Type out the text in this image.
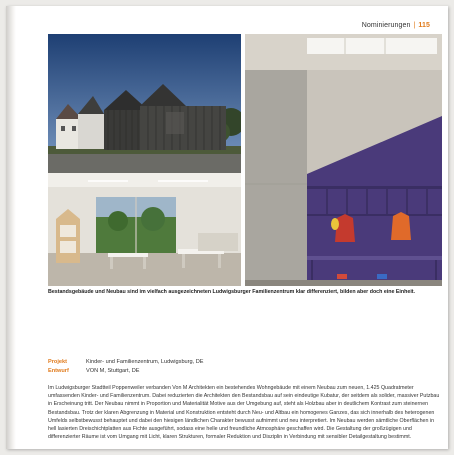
Nominierungen | 115
Bestandsgebäude und Neubau sind im vielfach ausgezeichneten Ludwigsburger Familienzentrum klar differenziert, bilden aber doch eine Einheit.
Projekt	Kinder- und Familienzentrum, Ludwigsburg, DE
Entwurf	VON M, Stuttgart, DE
Im Ludwigsburger Stadtteil Poppenweiler verbanden Von M Architekten ein bestehendes Wohngebäude mit einem Neubau zum neuen, 1.425 Quadratmeter umfassenden Kinder- und Familienzentrum. Dabei reduzierten die Architekten den Bestandsbau auf sein eindeutige Kubatur, der seitdem als solider, massiver Putzbau in Erscheinung tritt. Der Neubau nimmt in Proportion und Materialität Motive aus der Umgebung auf, steht als Holzbau aber in deutlichem Kontrast zum steinernen Bestandsbau. Trotz der klaren Abgrenzung in Material und Konstruktion entsteht durch Neu- und Altbau ein homogenes Ganzes, das sich innerhalb des heterogenen Umfelds selbstbewusst behauptet und dabei den hiesigen ländlichen Charakter bewusst aufnimmt und neu interpretiert. Im Neubau werden sämtliche Oberflächen in hell lasierten Dreischichtplatten aus Fichte ausgeführt, sodass eine helle und freundliche Atmosphäre geschaffen wird. Die Gestaltung der großzügigen und differenzierter Räume ist vom Umgang mit Licht, klaren Strukturen, formaler Reduktion und Disziplin in Verbindung mit sensibler Detailgestaltung bestimmt.
